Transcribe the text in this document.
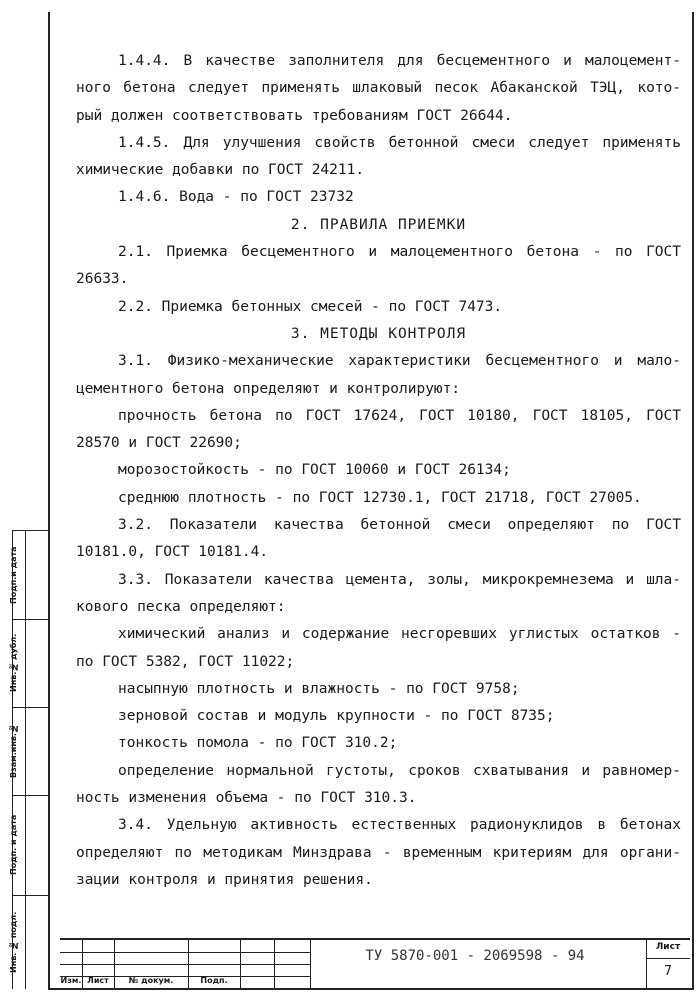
1.4.4. В качестве заполнителя для бесцементного и малоцемент-
ного бетона следует применять шлаковый песок Абаканской ТЭЦ, кото-
рый должен соответствовать требованиям ГОСТ 26644.
1.4.5. Для улучшения свойств бетонной смеси следует применять
химические добавки по ГОСТ 24211.
1.4.6. Вода - по ГОСТ 23732
2. ПРАВИЛА ПРИЕМКИ
2.1. Приемка бесцементного и малоцементного бетона - по ГОСТ
26633.
2.2. Приемка бетонных смесей - по ГОСТ 7473.
3. МЕТОДЫ КОНТРОЛЯ
3.1. Физико-механические характеристики бесцементного и мало-
цементного бетона определяют и контролируют:
прочность бетона по ГОСТ 17624, ГОСТ 10180, ГОСТ 18105, ГОСТ
28570 и ГОСТ 22690;
морозостойкость - по ГОСТ 10060 и ГОСТ 26134;
среднюю плотность - по ГОСТ 12730.1, ГОСТ 21718, ГОСТ 27005.
3.2. Показатели качества бетонной смеси определяют по ГОСТ
10181.0, ГОСТ 10181.4.
3.3. Показатели качества цемента, золы, микрокремнезема и шла-
кового песка определяют:
химический анализ и содержание несгоревших углистых остатков -
по ГОСТ 5382, ГОСТ 11022;
насыпную плотность и влажность - по ГОСТ 9758;
зерновой состав и модуль крупности - по ГОСТ 8735;
тонкость помола - по ГОСТ 310.2;
определение нормальной густоты, сроков схватывания и равномер-
ность изменения объема - по ГОСТ 310.3.
3.4. Удельную активность естественных радионуклидов в бетонах
определяют по методикам Минздрава - временным критериям для органи-
зации контроля и принятия решения.
Подп.и дата
Инв.№ дубл.
Взам.инв.№
Подп. и дата
Инв. № подл.
Изм. Лист	№ докум.	Подп.
ТУ 5870-001 - 2069598 - 94
Лист
7
